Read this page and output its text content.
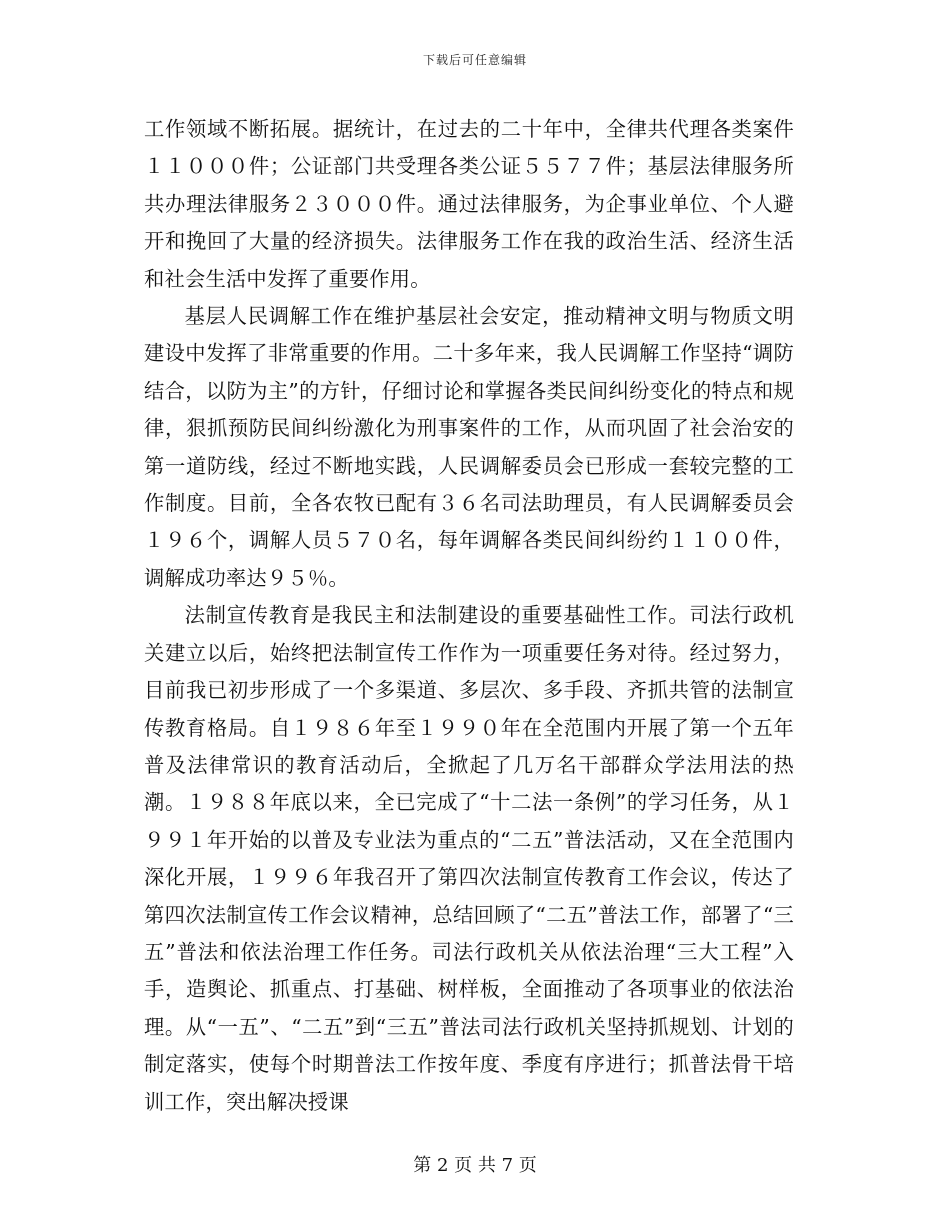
下载后可任意编辑

工作领域不断拓展。据统计，在过去的二十年中，全律共代理各类案件１１０００件；公证部门共受理各类公证５５７７件；基层法律服务所共办理法律服务２３０００件。通过法律服务，为企事业单位、个人避开和挽回了大量的经济损失。法律服务工作在我的政治生活、经济生活和社会生活中发挥了重要作用。

基层人民调解工作在维护基层社会安定，推动精神文明与物质文明建设中发挥了非常重要的作用。二十多年来，我人民调解工作坚持“调防结合，以防为主”的方针，仔细讨论和掌握各类民间纠纷变化的特点和规律，狠抓预防民间纠纷激化为刑事案件的工作，从而巩固了社会治安的第一道防线，经过不断地实践，人民调解委员会已形成一套较完整的工作制度。目前，全各农牧已配有３６名司法助理员，有人民调解委员会１９６个，调解人员５７０名，每年调解各类民间纠纷约１１００件，调解成功率达９５％。

法制宣传教育是我民主和法制建设的重要基础性工作。司法行政机关建立以后，始终把法制宣传工作作为一项重要任务对待。经过努力，目前我已初步形成了一个多渠道、多层次、多手段、齐抓共管的法制宣传教育格局。自１９８６年至１９９０年在全范围内开展了第一个五年普及法律常识的教育活动后，全掀起了几万名干部群众学法用法的热潮。１９８８年底以来，全已完成了“十二法一条例”的学习任务，从１９９１年开始的以普及专业法为重点的“二五”普法活动，又在全范围内深化开展，１９９６年我召开了第四次法制宣传教育工作会议，传达了第四次法制宣传工作会议精神，总结回顾了“二五”普法工作，部署了“三五”普法和依法治理工作任务。司法行政机关从依法治理“三大工程”入手，造舆论、抓重点、打基础、树样板，全面推动了各项事业的依法治理。从“一五”、“二五”到“三五”普法司法行政机关坚持抓规划、计划的制定落实，使每个时期普法工作按年度、季度有序进行；抓普法骨干培训工作，突出解决授课

第 2 页 共 7 页
